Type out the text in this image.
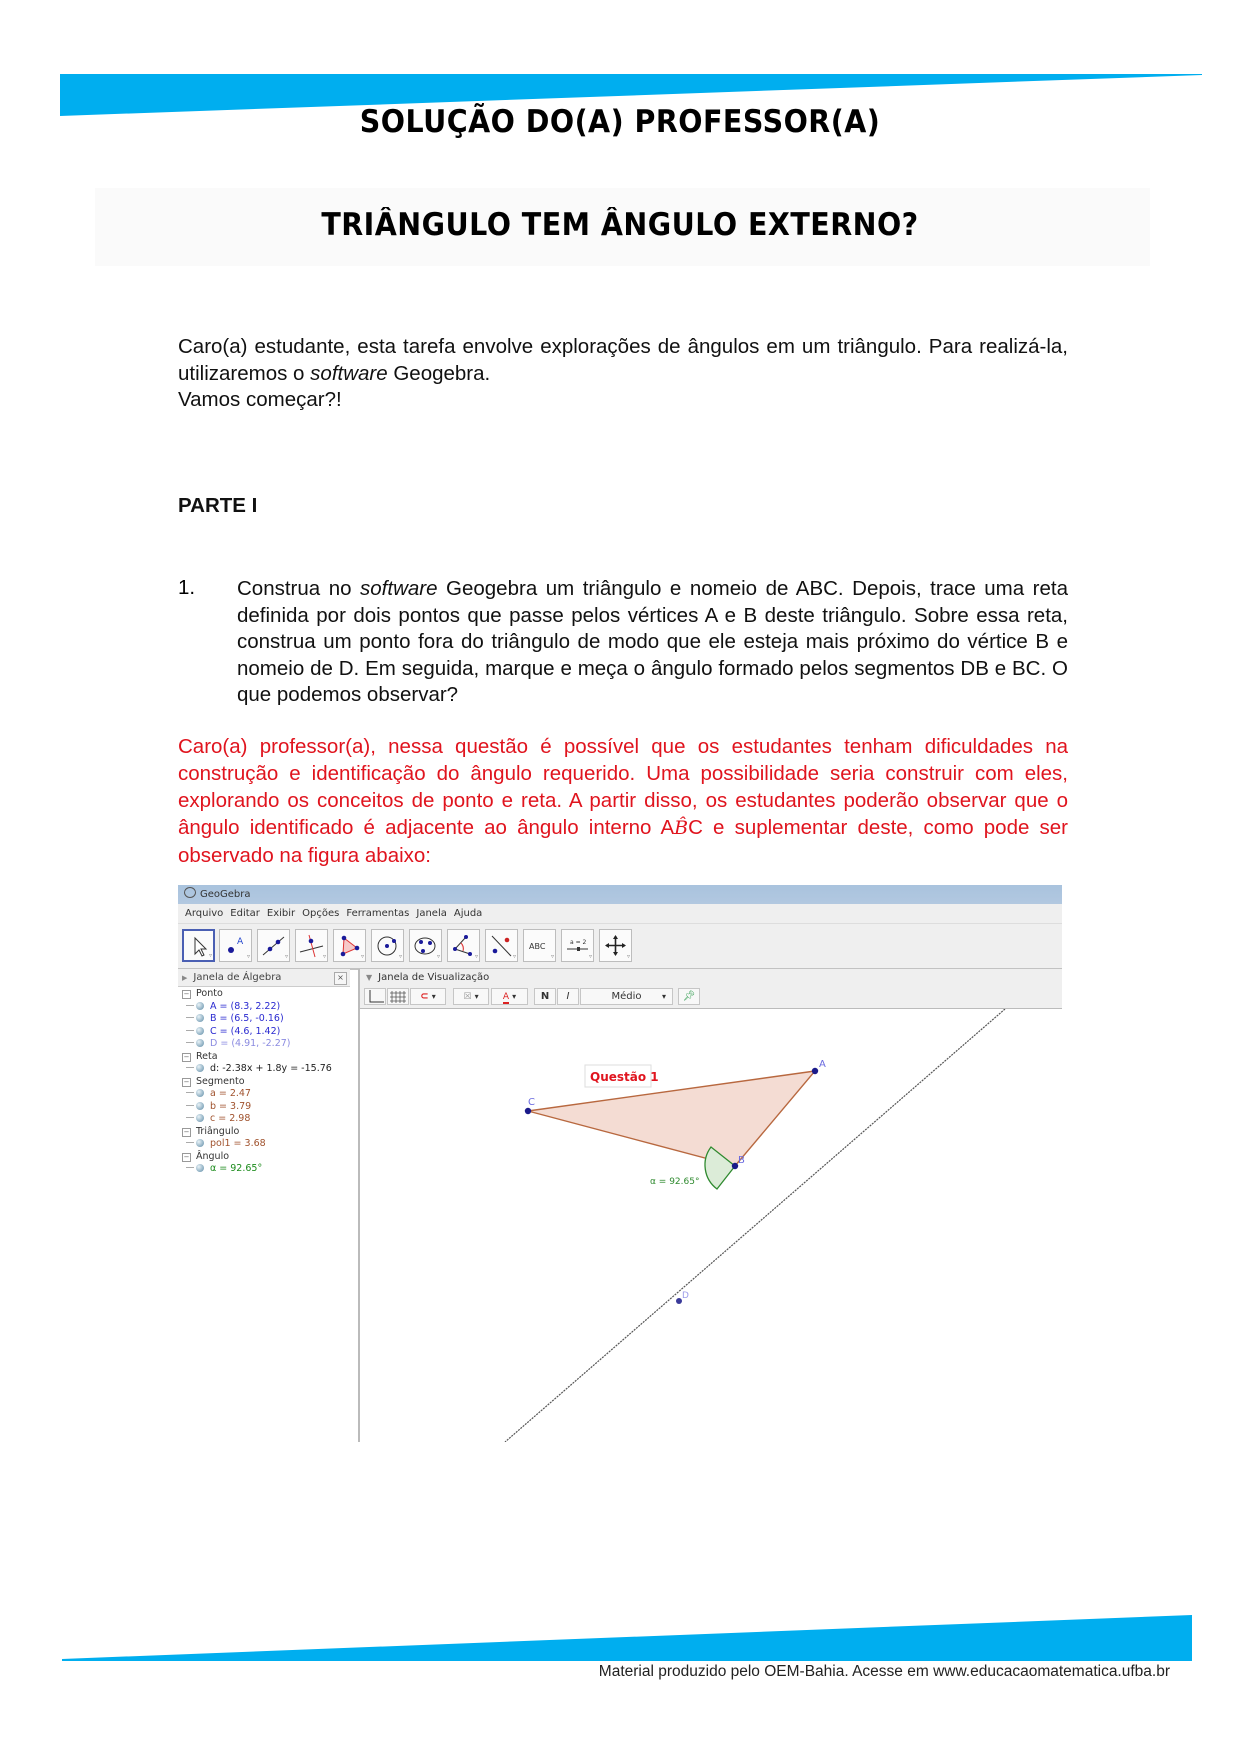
SOLUÇÃO DO(A) PROFESSOR(A)
TRIÂNGULO TEM ÂNGULO EXTERNO?
Caro(a) estudante, esta tarefa envolve explorações de ângulos em um triângulo. Para realizá-la, utilizaremos o software Geogebra.
Vamos começar?!
PARTE I
1. Construa no software Geogebra um triângulo e nomeio de ABC. Depois, trace uma reta definida por dois pontos que passe pelos vértices A e B deste triângulo. Sobre essa reta, construa um ponto fora do triângulo de modo que ele esteja mais próximo do vértice B e nomeio de D. Em seguida, marque e meça o ângulo formado pelos segmentos DB e BC. O que podemos observar?
Caro(a) professor(a), nessa questão é possível que os estudantes tenham dificuldades na construção e identificação do ângulo requerido. Uma possibilidade seria construir com eles, explorando os conceitos de ponto e reta. A partir disso, os estudantes poderão observar que o ângulo identificado é adjacente ao ângulo interno AB̂C e suplementar deste, como pode ser observado na figura abaixo:
GeoGebra
Arquivo Editar Exibir Opções Ferramentas Janela Ajuda
▿
A
▿	▿	▿	▿	▿	▿	▿	▿
ABC
▿
a = 2
▿	▿
▶ Janela de Álgebra	×
− Ponto
A = (8.3, 2.22)
B = (6.5, -0.16)
C = (4.6, 1.42)
D = (4.91, -2.27)
− Reta
d: -2.38x + 1.8y = -15.76
− Segmento
a = 2.47
b = 3.79
c = 2.98
− Triângulo
pol1 = 3.68
− Ângulo
α = 92.65°
▼ Janela de Visualização
⊂ ▾	☒ ▾	A ▾	N	I	Médio	▾	📌︎
A
B
C
D
α = 92.65°
Questão 1
Material produzido pelo OEM-Bahia. Acesse em www.educacaomatematica.ufba.br
